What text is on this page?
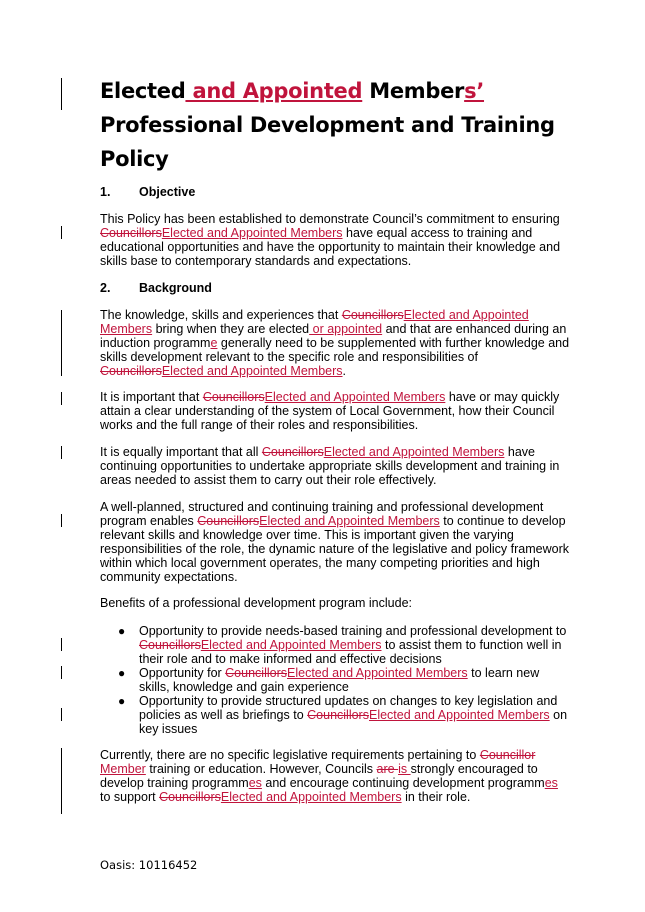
Elected and Appointed Members’ Professional Development and Training Policy

1. Objective

This Policy has been established to demonstrate Council’s commitment to ensuring CouncillorsElected and Appointed Members have equal access to training and educational opportunities and have the opportunity to maintain their knowledge and skills base to contemporary standards and expectations.

2. Background

The knowledge, skills and experiences that CouncillorsElected and Appointed Members bring when they are elected or appointed and that are enhanced during an induction programme generally need to be supplemented with further knowledge and skills development relevant to the specific role and responsibilities of CouncillorsElected and Appointed Members.

It is important that CouncillorsElected and Appointed Members have or may quickly attain a clear understanding of the system of Local Government, how their Council works and the full range of their roles and responsibilities.

It is equally important that all CouncillorsElected and Appointed Members have continuing opportunities to undertake appropriate skills development and training in areas needed to assist them to carry out their role effectively.

A well-planned, structured and continuing training and professional development program enables CouncillorsElected and Appointed Members to continue to develop relevant skills and knowledge over time. This is important given the varying responsibilities of the role, the dynamic nature of the legislative and policy framework within which local government operates, the many competing priorities and high community expectations.

Benefits of a professional development program include:

● Opportunity to provide needs-based training and professional development to CouncillorsElected and Appointed Members to assist them to function well in their role and to make informed and effective decisions
● Opportunity for CouncillorsElected and Appointed Members to learn new skills, knowledge and gain experience
● Opportunity to provide structured updates on changes to key legislation and policies as well as briefings to CouncillorsElected and Appointed Members on key issues

Currently, there are no specific legislative requirements pertaining to Councillor Member training or education. However, Councils are is strongly encouraged to develop training programmes and encourage continuing development programmes to support CouncillorsElected and Appointed Members in their role.

Oasis: 10116452
